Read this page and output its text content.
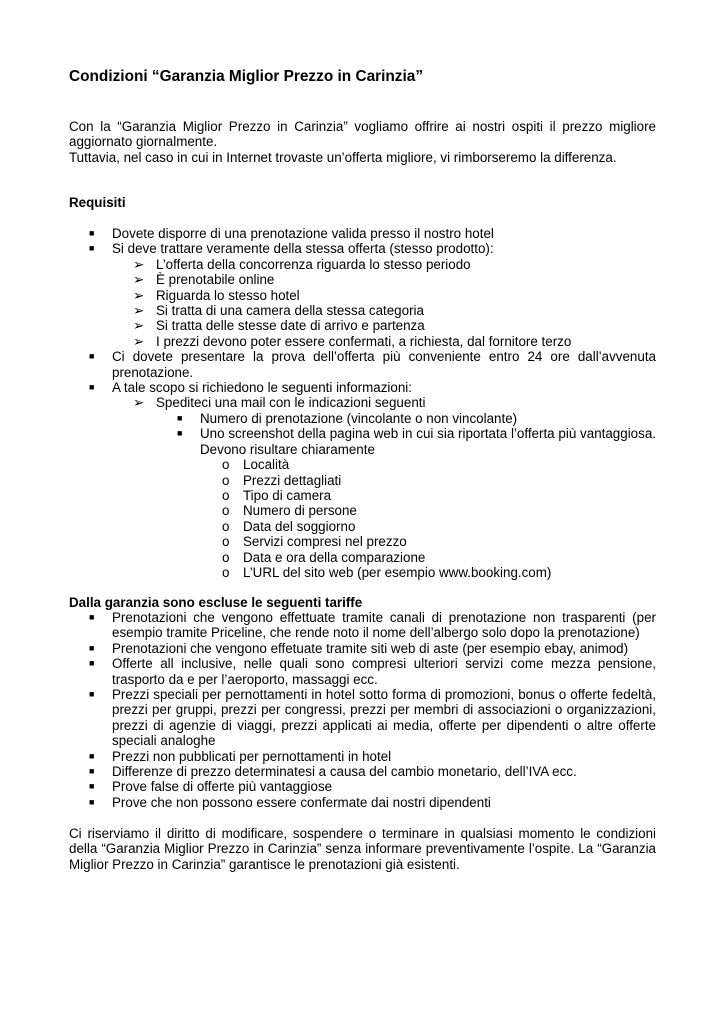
Condizioni “Garanzia Miglior Prezzo in Carinzia”
Con la “Garanzia Miglior Prezzo in Carinzia” vogliamo offrire ai nostri ospiti il prezzo migliore aggiornato giornalmente.
Tuttavia, nel caso in cui in Internet trovaste un’offerta migliore, vi rimborseremo la differenza.
Requisiti
■ Dovete disporre di una prenotazione valida presso il nostro hotel
■ Si deve trattare veramente della stessa offerta (stesso prodotto):
➢ L’offerta della concorrenza riguarda lo stesso periodo
➢ È prenotabile online
➢ Riguarda lo stesso hotel
➢ Si tratta di una camera della stessa categoria
➢ Si tratta delle stesse date di arrivo e partenza
➢ I prezzi devono poter essere confermati, a richiesta, dal fornitore terzo
■ Ci dovete presentare la prova dell’offerta più conveniente entro 24 ore dall’avvenuta prenotazione.
■ A tale scopo si richiedono le seguenti informazioni:
➢ Spediteci una mail con le indicazioni seguenti
■ Numero di prenotazione (vincolante o non vincolante)
■ Uno screenshot della pagina web in cui sia riportata l’offerta più vantaggiosa. Devono risultare chiaramente
o Località
o Prezzi dettagliati
o Tipo di camera
o Numero di persone
o Data del soggiorno
o Servizi compresi nel prezzo
o Data e ora della comparazione
o L’URL del sito web (per esempio www.booking.com)
Dalla garanzia sono escluse le seguenti tariffe
■ Prenotazioni che vengono effettuate tramite canali di prenotazione non trasparenti (per esempio tramite Priceline, che rende noto il nome dell’albergo solo dopo la prenotazione)
■ Prenotazioni che vengono effetuate tramite siti web di aste (per esempio ebay, animod)
■ Offerte all inclusive, nelle quali sono compresi ulteriori servizi come mezza pensione, trasporto da e per l’aeroporto, massaggi ecc.
■ Prezzi speciali per pernottamenti in hotel sotto forma di promozioni, bonus o offerte fedeltà, prezzi per gruppi, prezzi per congressi, prezzi per membri di associazioni o organizzazioni, prezzi di agenzie di viaggi, prezzi applicati ai media, offerte per dipendenti o altre offerte speciali analoghe
■ Prezzi non pubblicati per pernottamenti in hotel
■ Differenze di prezzo determinatesi a causa del cambio monetario, dell’IVA ecc.
■ Prove false di offerte più vantaggiose
■ Prove che non possono essere confermate dai nostri dipendenti
Ci riserviamo il diritto di modificare, sospendere o terminare in qualsiasi momento le condizioni della “Garanzia Miglior Prezzo in Carinzia” senza informare preventivamente l’ospite. La “Garanzia Miglior Prezzo in Carinzia” garantisce le prenotazioni già esistenti.
